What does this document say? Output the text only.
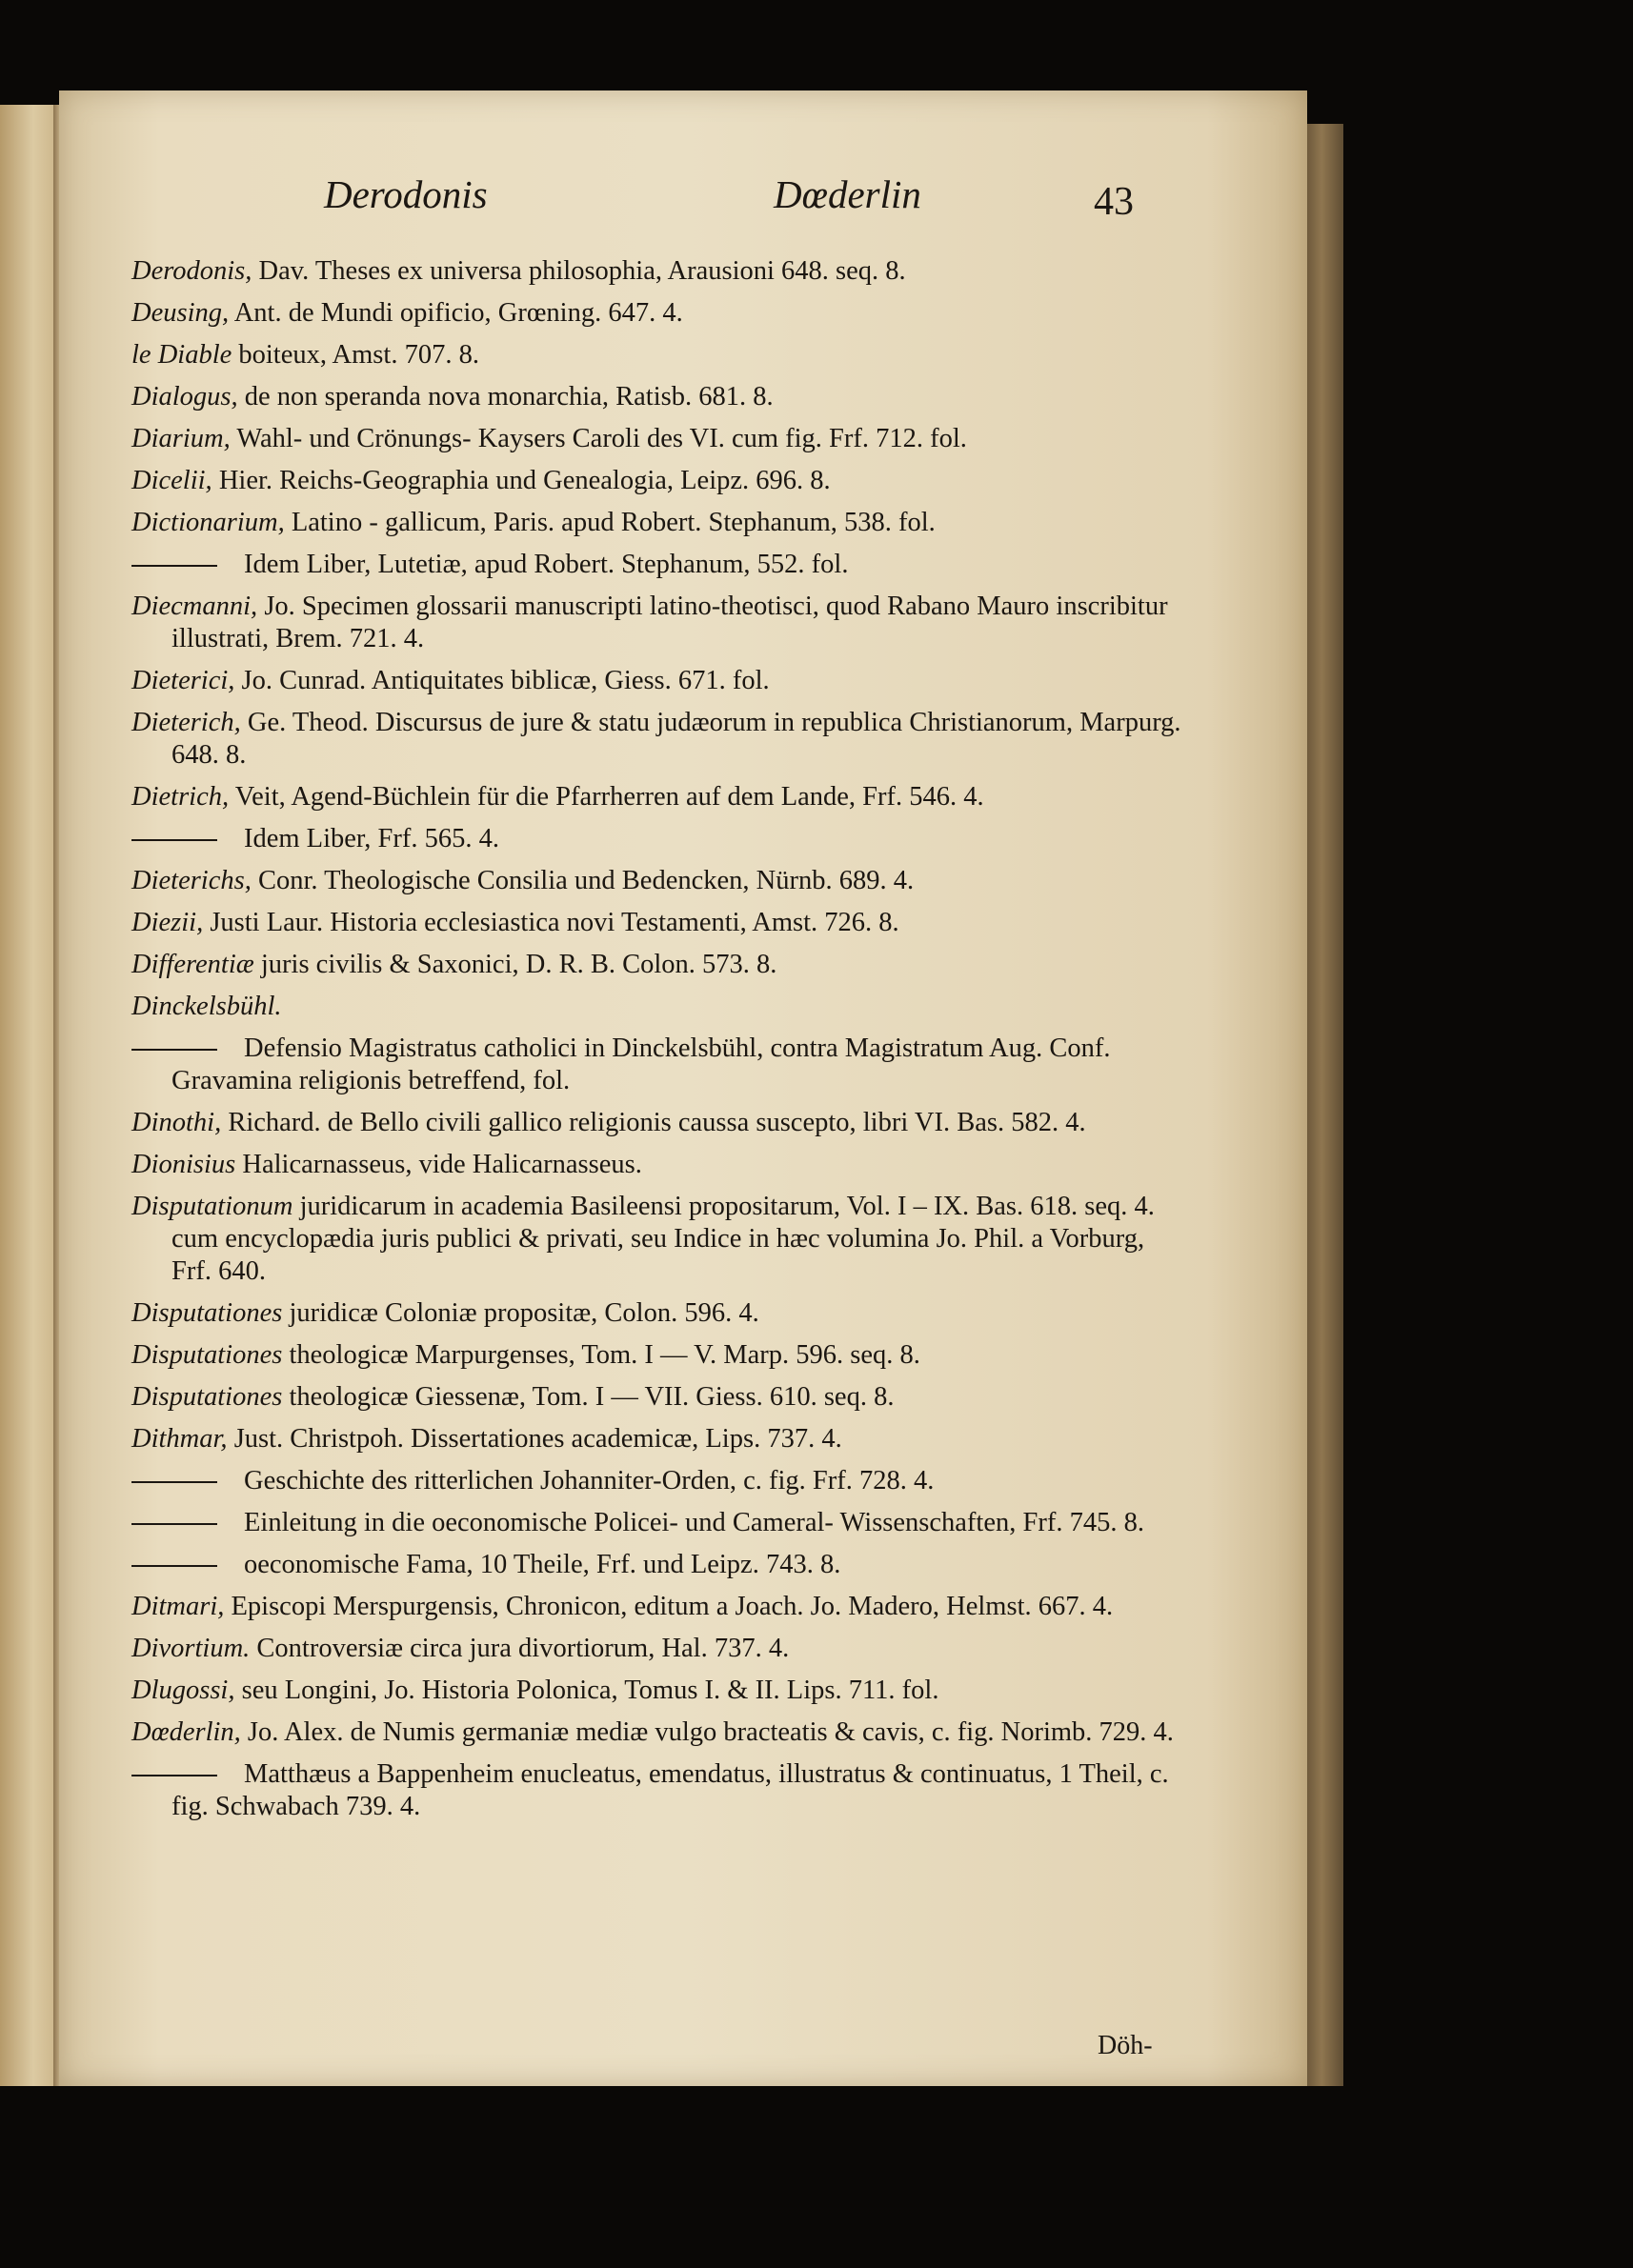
Derodonis	Dœderlin	43
Derodonis, Dav. Theses ex universa philosophia, Arausioni 648. seq. 8.
Deusing, Ant. de Mundi opificio, Grœning. 647. 4.
le Diable boiteux, Amst. 707. 8.
Dialogus, de non speranda nova monarchia, Ratisb. 681. 8.
Diarium, Wahl- und Crönungs- Kaysers Caroli des VI. cum fig. Frf. 712. fol.
Dicelii, Hier. Reichs-Geographia und Genealogia, Leipz. 696. 8.
Dictionarium, Latino - gallicum, Paris. apud Robert. Stephanum, 538. fol.
Idem Liber, Lutetiæ, apud Robert. Stephanum, 552. fol.
Diecmanni, Jo. Specimen glossarii manuscripti latino-theotisci, quod Rabano Mauro inscribitur illustrati, Brem. 721. 4.
Dieterici, Jo. Cunrad. Antiquitates biblicæ, Giess. 671. fol.
Dieterich, Ge. Theod. Discursus de jure & statu judæorum in republica Christianorum, Marpurg. 648. 8.
Dietrich, Veit, Agend-Büchlein für die Pfarrherren auf dem Lande, Frf. 546. 4.
Idem Liber, Frf. 565. 4.
Dieterichs, Conr. Theologische Consilia und Bedencken, Nürnb. 689. 4.
Diezii, Justi Laur. Historia ecclesiastica novi Testamenti, Amst. 726. 8.
Differentiæ juris civilis & Saxonici, D. R. B. Colon. 573. 8.
Dinckelsbühl.
Defensio Magistratus catholici in Dinckelsbühl, contra Magistratum Aug. Conf. Gravamina religionis betreffend, fol.
Dinothi, Richard. de Bello civili gallico religionis caussa suscepto, libri VI. Bas. 582. 4.
Dionisius Halicarnasseus, vide Halicarnasseus.
Disputationum juridicarum in academia Basileensi propositarum, Vol. I – IX. Bas. 618. seq. 4. cum encyclopædia juris publici & privati, seu Indice in hæc volumina Jo. Phil. a Vorburg, Frf. 640.
Disputationes juridicæ Coloniæ propositæ, Colon. 596. 4.
Disputationes theologicæ Marpurgenses, Tom. I — V. Marp. 596. seq. 8.
Disputationes theologicæ Giessenæ, Tom. I — VII. Giess. 610. seq. 8.
Dithmar, Just. Christpoh. Dissertationes academicæ, Lips. 737. 4.
Geschichte des ritterlichen Johanniter-Orden, c. fig. Frf. 728. 4.
Einleitung in die oeconomische Policei- und Cameral- Wissenschaften, Frf. 745. 8.
oeconomische Fama, 10 Theile, Frf. und Leipz. 743. 8.
Ditmari, Episcopi Merspurgensis, Chronicon, editum a Joach. Jo. Madero, Helmst. 667. 4.
Divortium. Controversiæ circa jura divortiorum, Hal. 737. 4.
Dlugossi, seu Longini, Jo. Historia Polonica, Tomus I. & II. Lips. 711. fol.
Dœderlin, Jo. Alex. de Numis germaniæ mediæ vulgo bracteatis & cavis, c. fig. Norimb. 729. 4.
Matthæus a Bappenheim enucleatus, emendatus, illustratus & continuatus, 1 Theil, c. fig. Schwabach 739. 4.
Döh-
